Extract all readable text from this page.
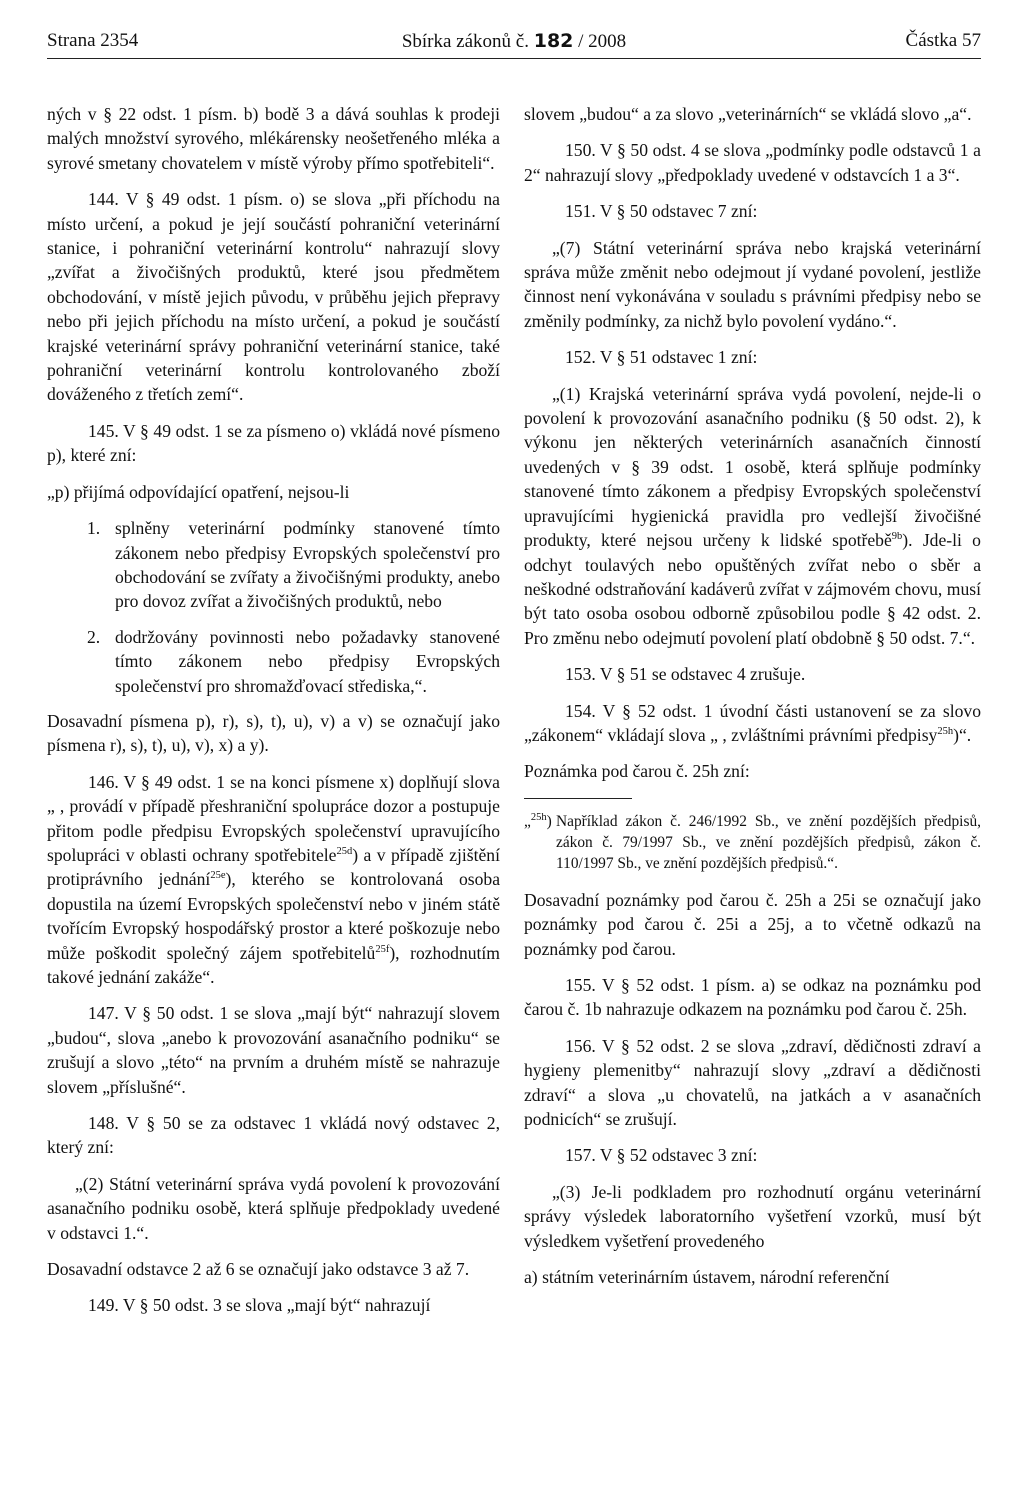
Strana 2354	Sbírka zákonů č. 182 / 2008	Částka 57

ných v § 22 odst. 1 písm. b) bodě 3 a dává souhlas k prodeji malých množství syrového, mlékárensky neošetřeného mléka a syrové smetany chovatelem v místě výroby přímo spotřebiteli“.

144. V § 49 odst. 1 písm. o) se slova „při příchodu na místo určení, a pokud je její součástí pohraniční veterinární stanice, i pohraniční veterinární kontrolu“ nahrazují slovy „zvířat a živočišných produktů, které jsou předmětem obchodování, v místě jejich původu, v průběhu jejich přepravy nebo při jejich příchodu na místo určení, a pokud je součástí krajské veterinární správy pohraniční veterinární stanice, také pohraniční veterinární kontrolu kontrolovaného zboží dováženého z třetích zemí“.

145. V § 49 odst. 1 se za písmeno o) vkládá nové písmeno p), které zní:

„p) přijímá odpovídající opatření, nejsou-li

1. splněny veterinární podmínky stanovené tímto zákonem nebo předpisy Evropských společenství pro obchodování se zvířaty a živočišnými produkty, anebo pro dovoz zvířat a živočišných produktů, nebo
2. dodržovány povinnosti nebo požadavky stanovené tímto zákonem nebo předpisy Evropských společenství pro shromažďovací střediska,“.

Dosavadní písmena p), r), s), t), u), v) a v) se označují jako písmena r), s), t), u), v), x) a y).

146. V § 49 odst. 1 se na konci písmene x) doplňují slova „ , provádí v případě přeshraniční spolupráce dozor a postupuje přitom podle předpisu Evropských společenství upravujícího spolupráci v oblasti ochrany spotřebitele$^{25d}$) a v případě zjištění protiprávního jednání$^{25e}$), kterého se kontrolovaná osoba dopustila na území Evropských společenství nebo v jiném státě tvořícím Evropský hospodářský prostor a které poškozuje nebo může poškodit společný zájem spotřebitelů$^{25f}$), rozhodnutím takové jednání zakáže“.

147. V § 50 odst. 1 se slova „mají být“ nahrazují slovem „budou“, slova „anebo k provozování asanačního podniku“ se zrušují a slovo „této“ na prvním a druhém místě se nahrazuje slovem „příslušné“.

148. V § 50 se za odstavec 1 vkládá nový odstavec 2, který zní:

„(2) Státní veterinární správa vydá povolení k provozování asanačního podniku osobě, která splňuje předpoklady uvedené v odstavci 1.“.

Dosavadní odstavce 2 až 6 se označují jako odstavce 3 až 7.

149. V § 50 odst. 3 se slova „mají být“ nahrazují

slovem „budou“ a za slovo „veterinárních“ se vkládá slovo „a“.

150. V § 50 odst. 4 se slova „podmínky podle odstavců 1 a 2“ nahrazují slovy „předpoklady uvedené v odstavcích 1 a 3“.

151. V § 50 odstavec 7 zní:

„(7) Státní veterinární správa nebo krajská veterinární správa může změnit nebo odejmout jí vydané povolení, jestliže činnost není vykonávána v souladu s právními předpisy nebo se změnily podmínky, za nichž bylo povolení vydáno.“.

152. V § 51 odstavec 1 zní:

„(1) Krajská veterinární správa vydá povolení, nejde-li o povolení k provozování asanačního podniku (§ 50 odst. 2), k výkonu jen některých veterinárních asanačních činností uvedených v § 39 odst. 1 osobě, která splňuje podmínky stanovené tímto zákonem a předpisy Evropských společenství upravujícími hygienická pravidla pro vedlejší živočišné produkty, které nejsou určeny k lidské spotřebě$^{9b}$). Jde-li o odchyt toulavých nebo opuštěných zvířat nebo o sběr a neškodné odstraňování kadáverů zvířat v zájmovém chovu, musí být tato osoba osobou odborně způsobilou podle § 42 odst. 2. Pro změnu nebo odejmutí povolení platí obdobně § 50 odst. 7.“.

153. V § 51 se odstavec 4 zrušuje.

154. V § 52 odst. 1 úvodní části ustanovení se za slovo „zákonem“ vkládají slova „ , zvláštními právními předpisy$^{25h}$)“.

Poznámka pod čarou č. 25h zní:

„$^{25h}$) Například zákon č. 246/1992 Sb., ve znění pozdějších předpisů, zákon č. 79/1997 Sb., ve znění pozdějších předpisů, zákon č. 110/1997 Sb., ve znění pozdějších předpisů.“.

Dosavadní poznámky pod čarou č. 25h a 25i se označují jako poznámky pod čarou č. 25i a 25j, a to včetně odkazů na poznámky pod čarou.

155. V § 52 odst. 1 písm. a) se odkaz na poznámku pod čarou č. 1b nahrazuje odkazem na poznámku pod čarou č. 25h.

156. V § 52 odst. 2 se slova „zdraví, dědičnosti zdraví a hygieny plemenitby“ nahrazují slovy „zdraví a dědičnosti zdraví“ a slova „u chovatelů, na jatkách a v asanačních podnicích“ se zrušují.

157. V § 52 odstavec 3 zní:

„(3) Je-li podkladem pro rozhodnutí orgánu veterinární správy výsledek laboratorního vyšetření vzorků, musí být výsledkem vyšetření provedeného

a) státním veterinárním ústavem, národní referenční
